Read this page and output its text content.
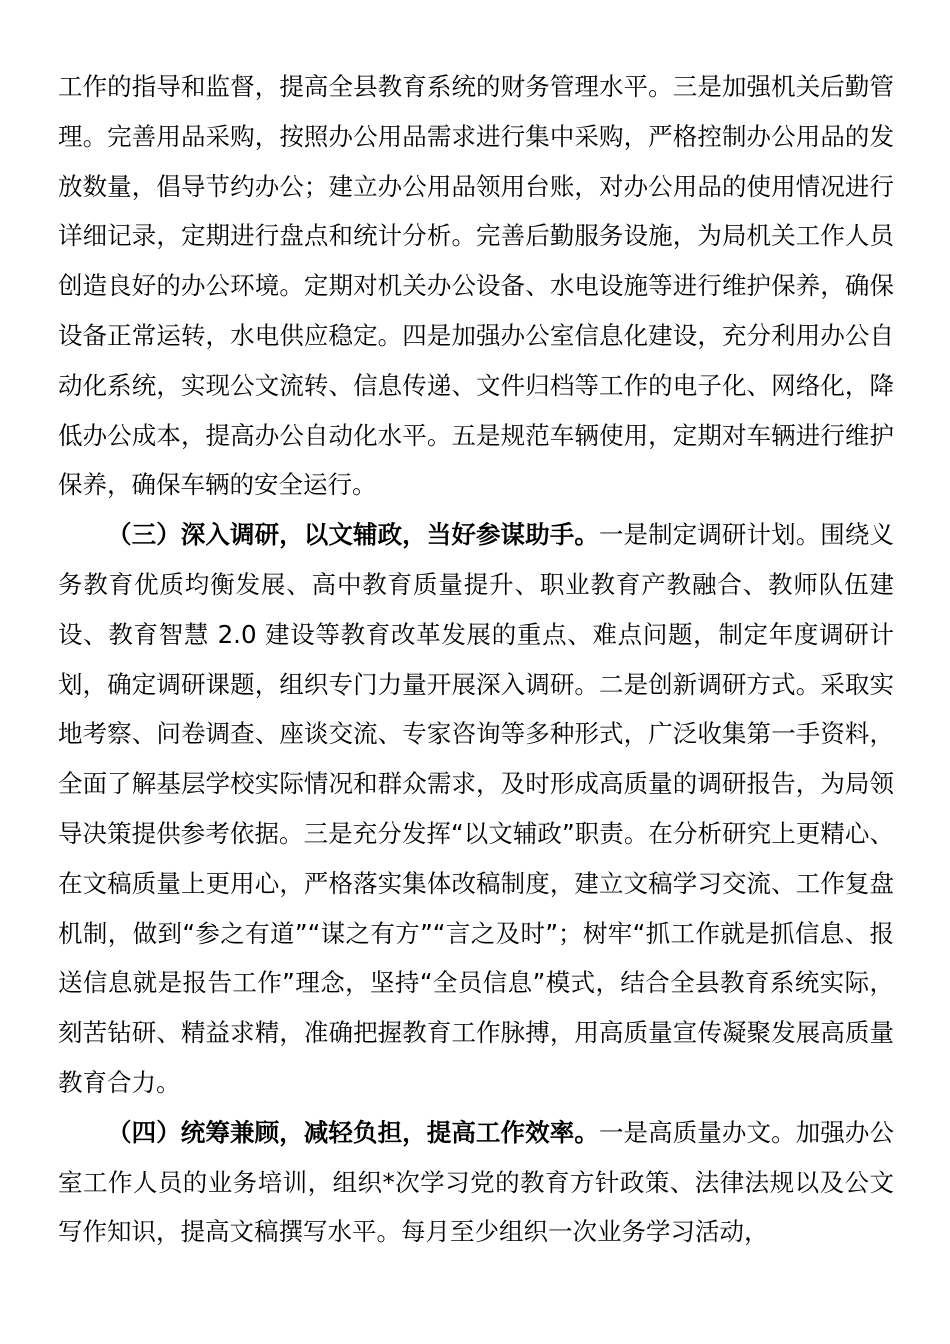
工作的指导和监督，提高全县教育系统的财务管理水平。三是加强机关后勤管理。完善用品采购，按照办公用品需求进行集中采购，严格控制办公用品的发放数量，倡导节约办公；建立办公用品领用台账，对办公用品的使用情况进行详细记录，定期进行盘点和统计分析。完善后勤服务设施，为局机关工作人员创造良好的办公环境。定期对机关办公设备、水电设施等进行维护保养，确保设备正常运转，水电供应稳定。四是加强办公室信息化建设，充分利用办公自动化系统，实现公文流转、信息传递、文件归档等工作的电子化、网络化，降低办公成本，提高办公自动化水平。五是规范车辆使用，定期对车辆进行维护保养，确保车辆的安全运行。

（三）深入调研，以文辅政，当好参谋助手。一是制定调研计划。围绕义务教育优质均衡发展、高中教育质量提升、职业教育产教融合、教师队伍建设、教育智慧 2.0 建设等教育改革发展的重点、难点问题，制定年度调研计划，确定调研课题，组织专门力量开展深入调研。二是创新调研方式。采取实地考察、问卷调查、座谈交流、专家咨询等多种形式，广泛收集第一手资料，全面了解基层学校实际情况和群众需求，及时形成高质量的调研报告，为局领导决策提供参考依据。三是充分发挥“以文辅政”职责。在分析研究上更精心、在文稿质量上更用心，严格落实集体改稿制度，建立文稿学习交流、工作复盘机制，做到“参之有道”“谋之有方”“言之及时”；树牢“抓工作就是抓信息、报送信息就是报告工作”理念，坚持“全员信息”模式，结合全县教育系统实际，刻苦钻研、精益求精，准确把握教育工作脉搏，用高质量宣传凝聚发展高质量教育合力。

（四）统筹兼顾，减轻负担，提高工作效率。一是高质量办文。加强办公室工作人员的业务培训，组织*次学习党的教育方针政策、法律法规以及公文写作知识，提高文稿撰写水平。每月至少组织一次业务学习活动，
